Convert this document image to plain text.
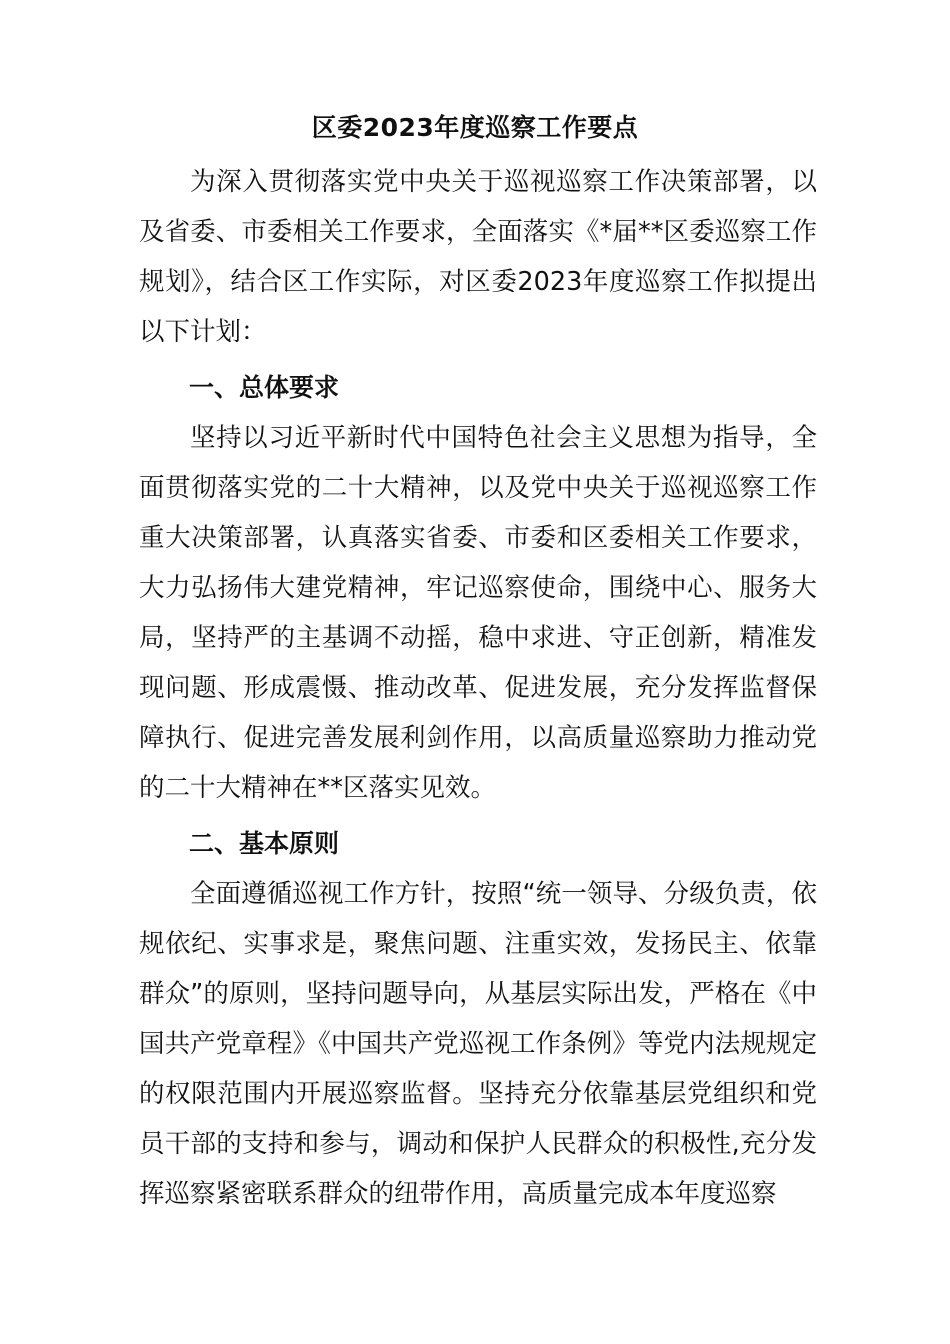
区委2023年度巡察工作要点

为深入贯彻落实党中央关于巡视巡察工作决策部署，以及省委、市委相关工作要求，全面落实《*届**区委巡察工作规划》，结合区工作实际，对区委2023年度巡察工作拟提出以下计划：

一、总体要求

坚持以习近平新时代中国特色社会主义思想为指导，全面贯彻落实党的二十大精神，以及党中央关于巡视巡察工作重大决策部署，认真落实省委、市委和区委相关工作要求，大力弘扬伟大建党精神，牢记巡察使命，围绕中心、服务大局，坚持严的主基调不动摇，稳中求进、守正创新，精准发现问题、形成震慑、推动改革、促进发展，充分发挥监督保障执行、促进完善发展利剑作用，以高质量巡察助力推动党的二十大精神在**区落实见效。

二、基本原则

全面遵循巡视工作方针，按照“统一领导、分级负责，依规依纪、实事求是，聚焦问题、注重实效，发扬民主、依靠群众”的原则，坚持问题导向，从基层实际出发，严格在《中国共产党章程》《中国共产党巡视工作条例》等党内法规规定的权限范围内开展巡察监督。坚持充分依靠基层党组织和党员干部的支持和参与，调动和保护人民群众的积极性,充分发挥巡察紧密联系群众的纽带作用，高质量完成本年度巡察
